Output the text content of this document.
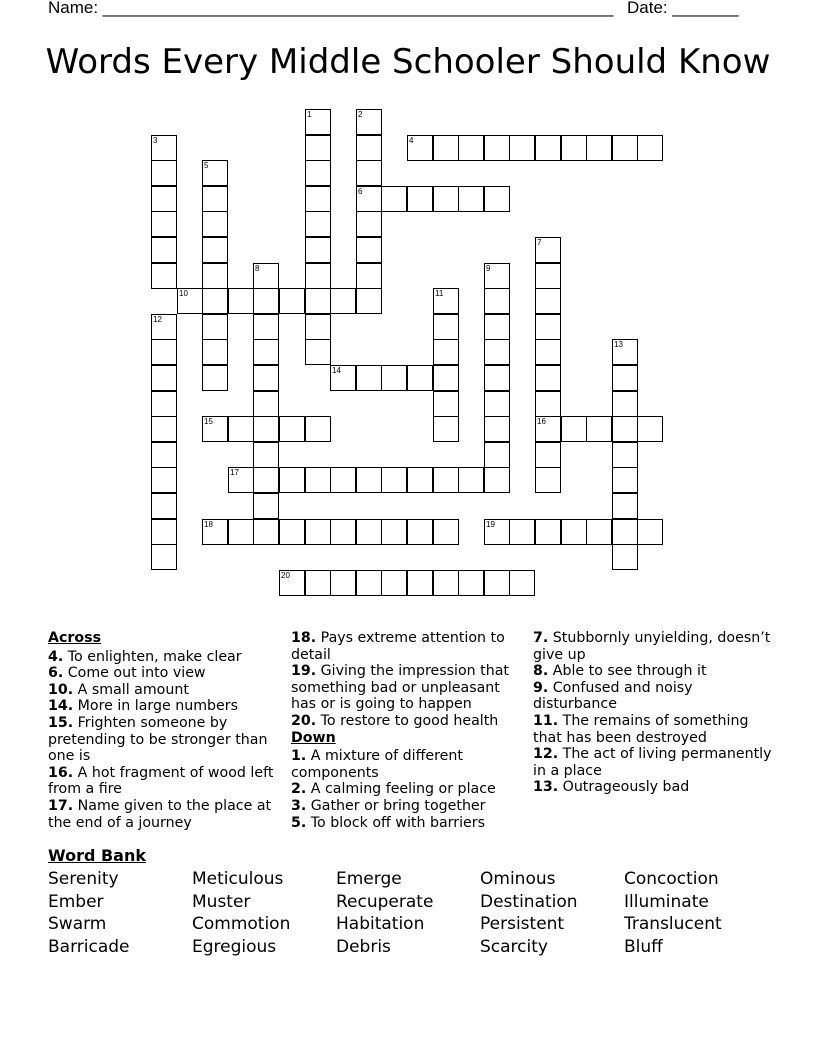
Name: ______________________________________________________ Date: _______
Words Every Middle Schooler Should Know
1	2
6
3	4
5
7
16
8	9
10	11
12
13
14
15
17
18	19
20
Across
4. To enlighten, make clear
6. Come out into view
10. A small amount
14. More in large numbers
15. Frighten someone by pretending to be stronger than one is
16. A hot fragment of wood left from a fire
17. Name given to the place at the end of a journey
18. Pays extreme attention to detail
19. Giving the impression that something bad or unpleasant has or is going to happen
20. To restore to good health
Down
1. A mixture of different components
2. A calming feeling or place
3. Gather or bring together
5. To block off with barriers
7. Stubbornly unyielding, doesn’t give up
8. Able to see through it
9. Confused and noisy disturbance
11. The remains of something that has been destroyed
12. The act of living permanently in a place
13. Outrageously bad
Word Bank
Serenity	Meticulous	Emerge	Ominous	Concoction
Ember	Muster	Recuperate	Destination	Illuminate
Swarm	Commotion	Habitation	Persistent	Translucent
Barricade	Egregious	Debris	Scarcity	Bluff
